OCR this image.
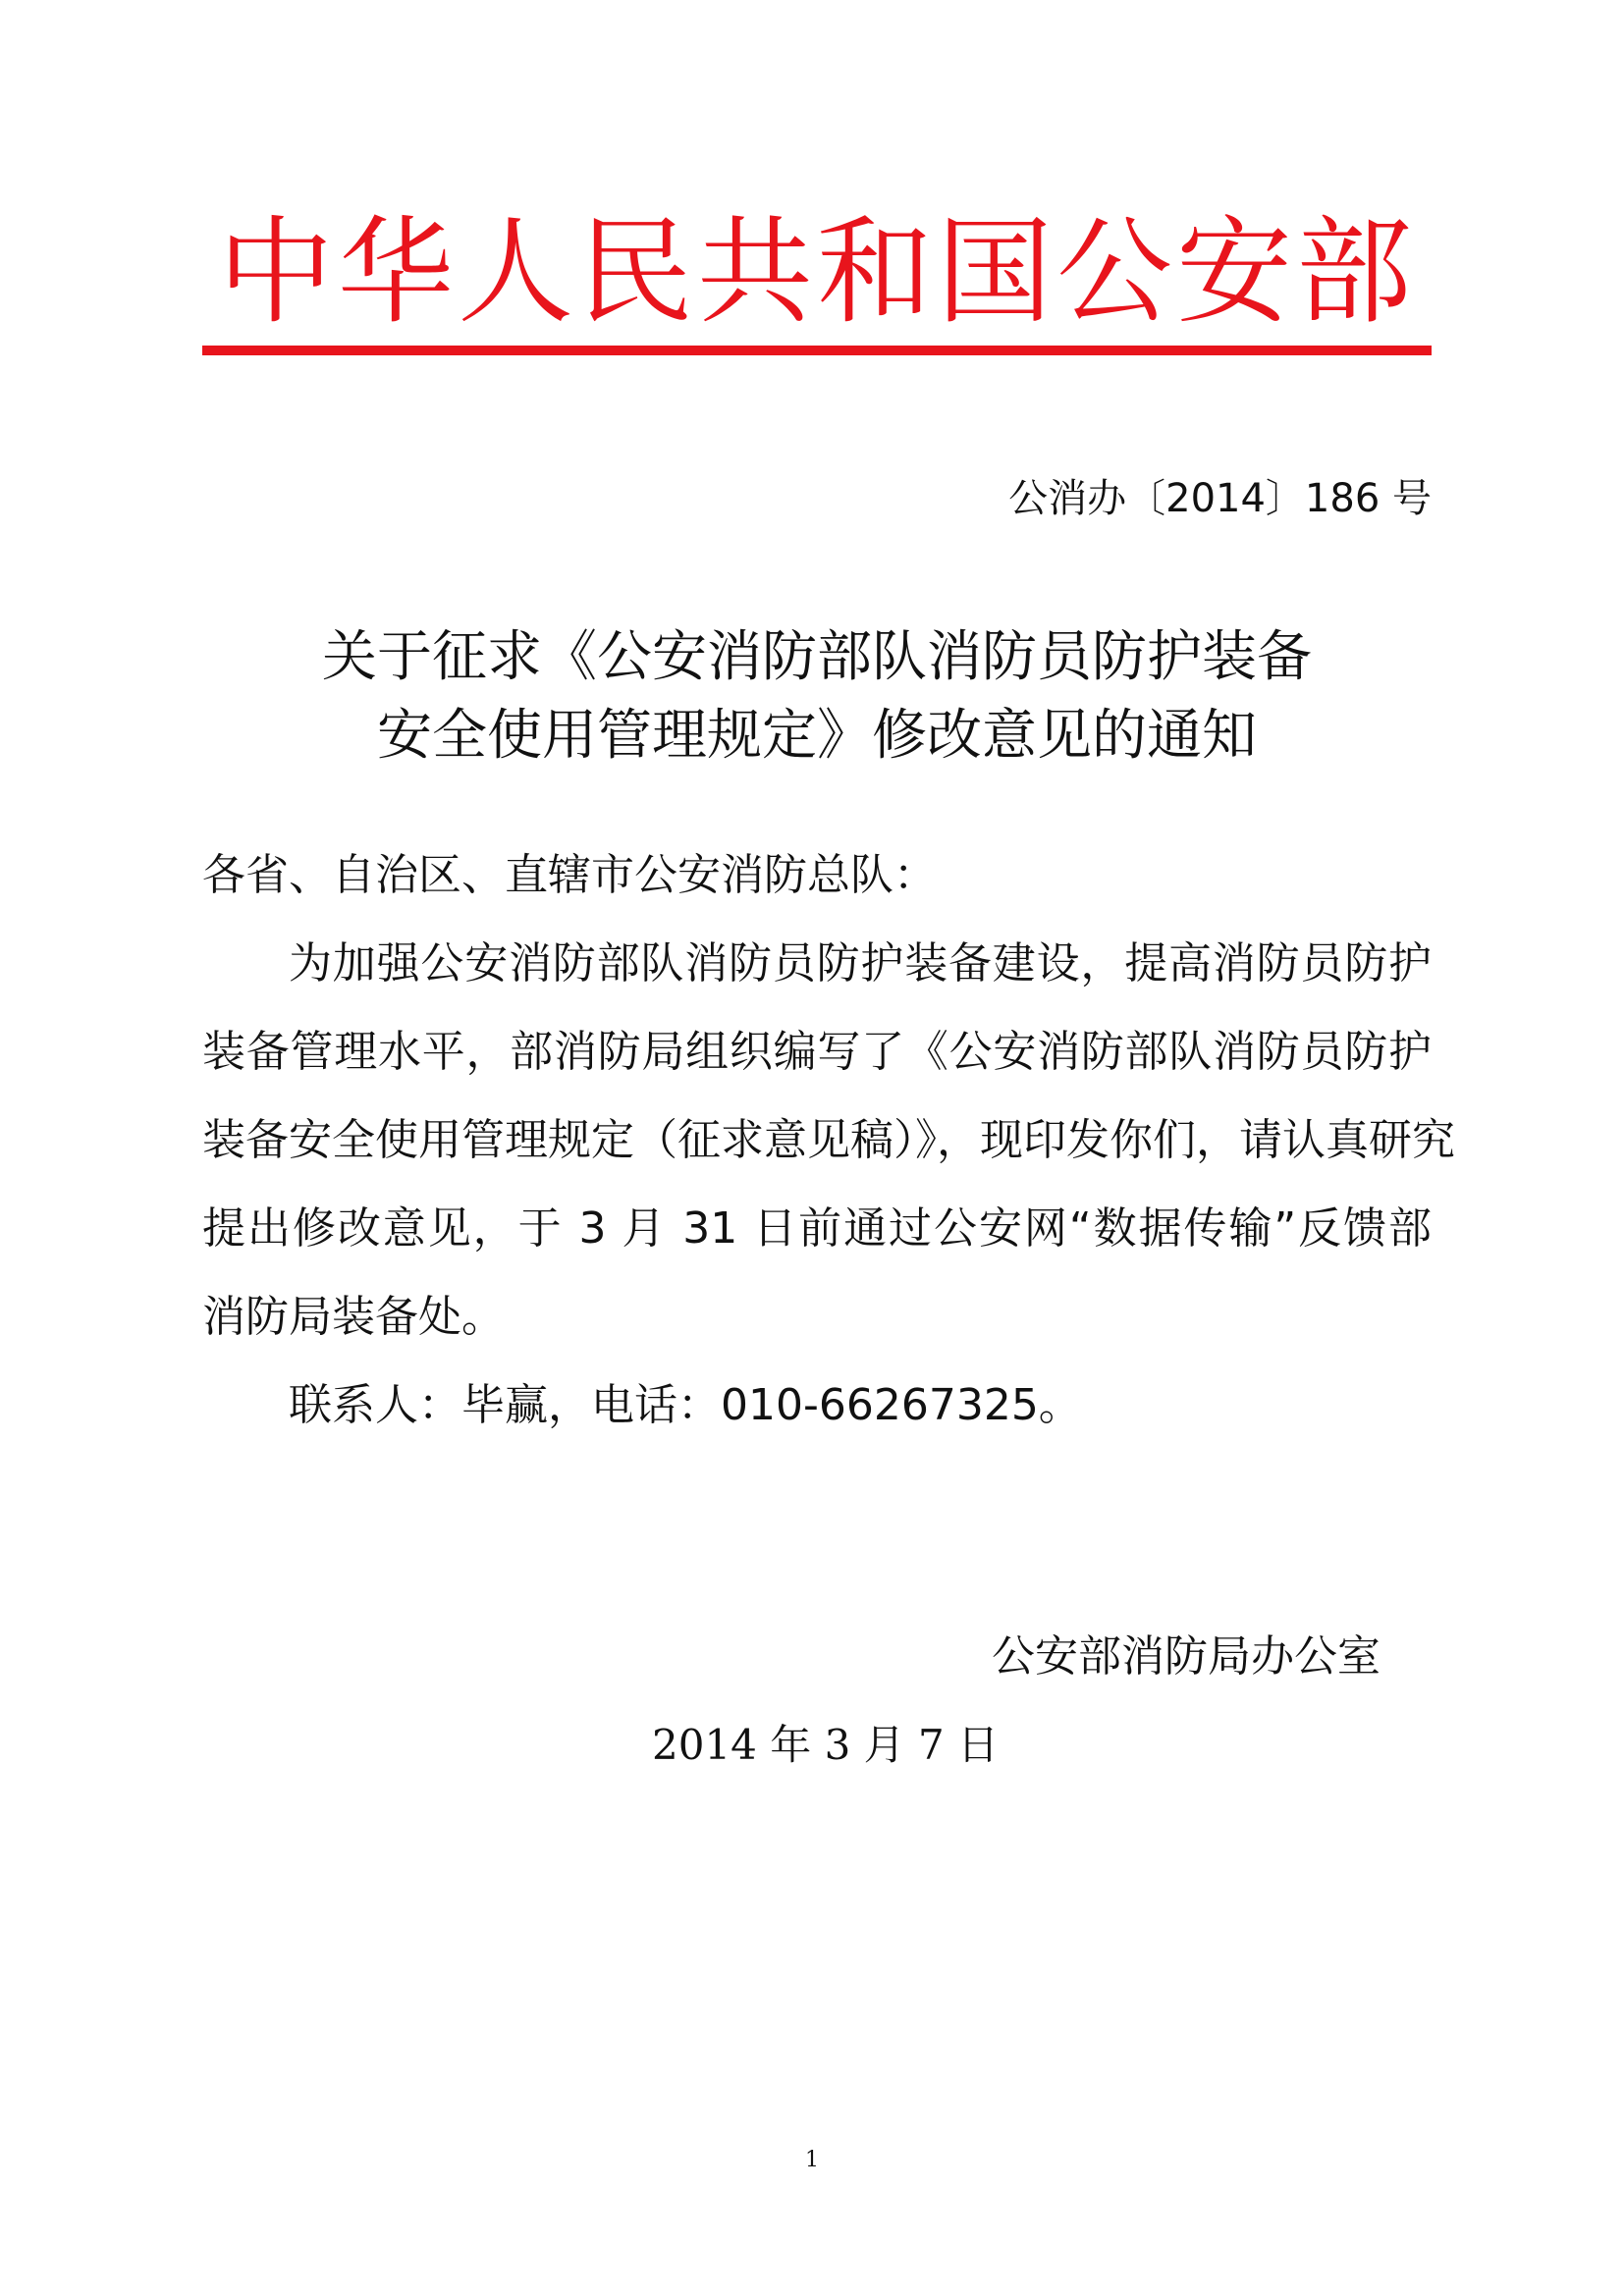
中华人民共和国公安部
公消办〔2014〕186 号
关于征求《公安消防部队消防员防护装备
安全使用管理规定》修改意见的通知
各省、自治区、直辖市公安消防总队：
为加强公安消防部队消防员防护装备建设，提高消防员防护
装备管理水平，部消防局组织编写了《公安消防部队消防员防护
装备安全使用管理规定（征求意见稿）》，现印发你们，请认真研究
提出修改意见，于 3 月 31 日前通过公安网“数据传输”反馈部
消防局装备处。
联系人：毕赢，电话：010-66267325。
公安部消防局办公室
2014 年 3 月 7 日
1
